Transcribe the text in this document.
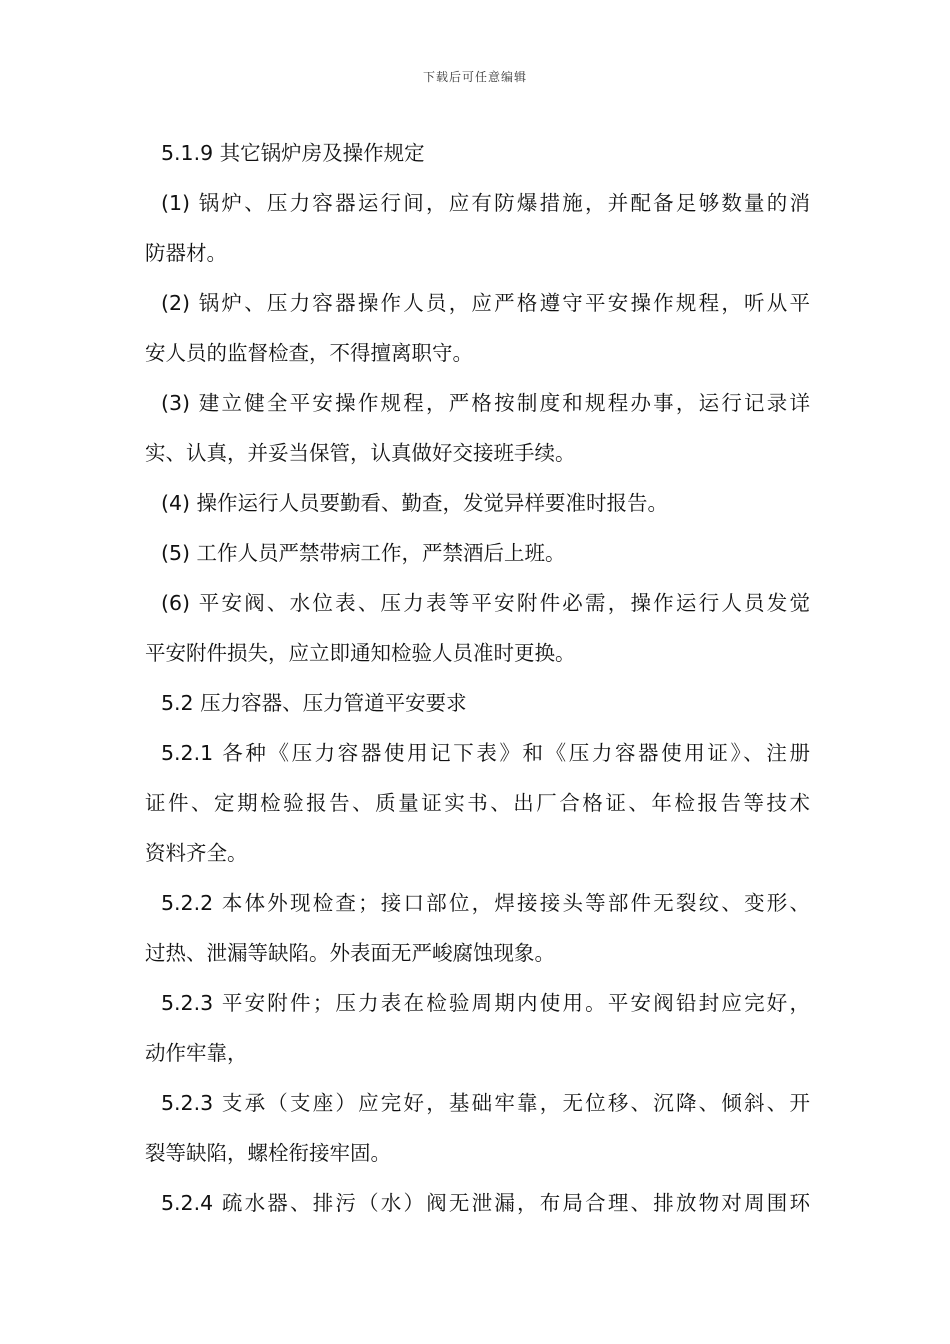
下载后可任意编辑
5.1.9 其它锅炉房及操作规定
(1) 锅炉、压力容器运行间，应有防爆措施，并配备足够数量的消
防器材。
(2) 锅炉、压力容器操作人员，应严格遵守平安操作规程，听从平
安人员的监督检查，不得擅离职守。
(3) 建立健全平安操作规程，严格按制度和规程办事，运行记录详
实、认真，并妥当保管，认真做好交接班手续。
(4) 操作运行人员要勤看、勤查，发觉异样要准时报告。
(5) 工作人员严禁带病工作，严禁酒后上班。
(6) 平安阀、水位表、压力表等平安附件必需，操作运行人员发觉
平安附件损失，应立即通知检验人员准时更换。
5.2 压力容器、压力管道平安要求
5.2.1 各种《压力容器使用记下表》和《压力容器使用证》、注册
证件、定期检验报告、质量证实书、出厂合格证、年检报告等技术
资料齐全。
5.2.2 本体外现检查；接口部位，焊接接头等部件无裂纹、变形、
过热、泄漏等缺陷。外表面无严峻腐蚀现象。
5.2.3 平安附件；压力表在检验周期内使用。平安阀铅封应完好，
动作牢靠，
5.2.3 支承（支座）应完好，基础牢靠，无位移、沉降、倾斜、开
裂等缺陷，螺栓衔接牢固。
5.2.4 疏水器、排污（水）阀无泄漏，布局合理、排放物对周围环
